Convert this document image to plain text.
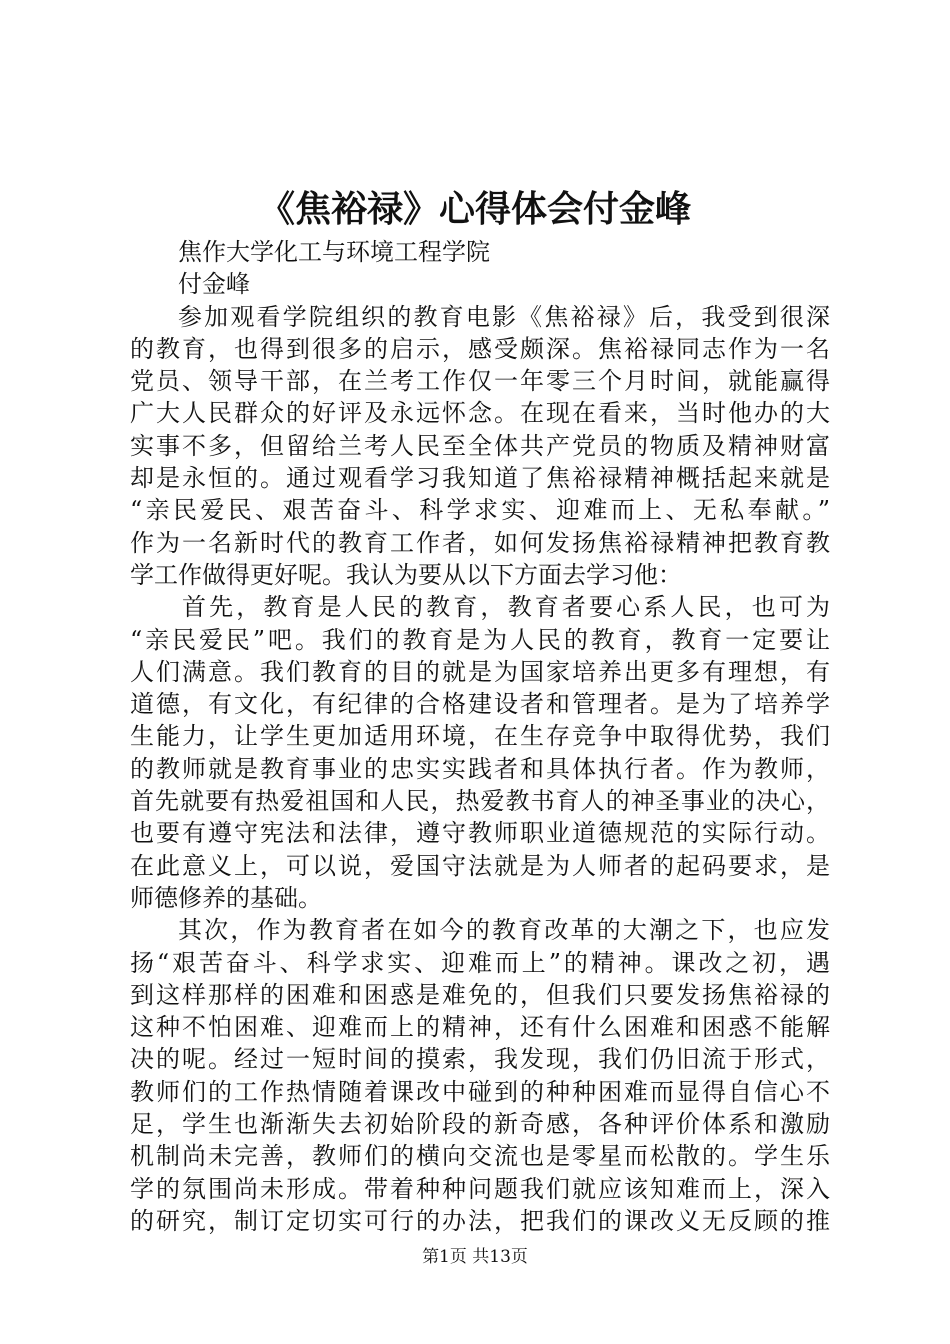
《焦裕禄》心得体会付金峰
焦作大学化工与环境工程学院
付金峰
参加观看学院组织的教育电影《焦裕禄》后，我受到很深
的教育，也得到很多的启示，感受颇深。焦裕禄同志作为一名
党员、领导干部，在兰考工作仅一年零三个月时间，就能赢得
广大人民群众的好评及永远怀念。在现在看来，当时他办的大
实事不多，但留给兰考人民至全体共产党员的物质及精神财富
却是永恒的。通过观看学习我知道了焦裕禄精神概括起来就是
“亲民爱民、艰苦奋斗、科学求实、迎难而上、无私奉献。”
作为一名新时代的教育工作者，如何发扬焦裕禄精神把教育教
学工作做得更好呢。我认为要从以下方面去学习他：
首先，教育是人民的教育，教育者要心系人民，也可为
“亲民爱民”吧。我们的教育是为人民的教育，教育一定要让
人们满意。我们教育的目的就是为国家培养出更多有理想，有
道德，有文化，有纪律的合格建设者和管理者。是为了培养学
生能力，让学生更加适用环境，在生存竞争中取得优势，我们
的教师就是教育事业的忠实实践者和具体执行者。作为教师，
首先就要有热爱祖国和人民，热爱教书育人的神圣事业的决心，
也要有遵守宪法和法律，遵守教师职业道德规范的实际行动。
在此意义上，可以说，爱国守法就是为人师者的起码要求，是
师德修养的基础。
其次，作为教育者在如今的教育改革的大潮之下，也应发
扬“艰苦奋斗、科学求实、迎难而上”的精神。课改之初，遇
到这样那样的困难和困惑是难免的，但我们只要发扬焦裕禄的
这种不怕困难、迎难而上的精神，还有什么困难和困惑不能解
决的呢。经过一短时间的摸索，我发现，我们仍旧流于形式，
教师们的工作热情随着课改中碰到的种种困难而显得自信心不
足，学生也渐渐失去初始阶段的新奇感，各种评价体系和激励
机制尚未完善，教师们的横向交流也是零星而松散的。学生乐
学的氛围尚未形成。带着种种问题我们就应该知难而上，深入
的研究，制订定切实可行的办法，把我们的课改义无反顾的推
第1页 共13页
